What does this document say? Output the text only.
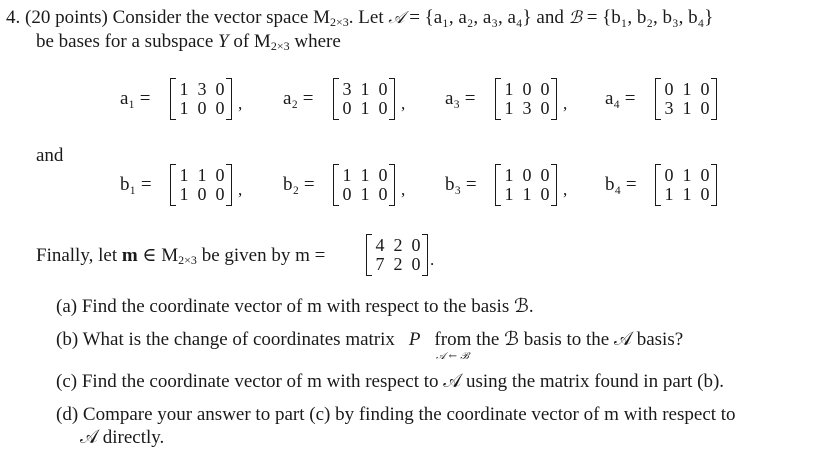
4. (20 points) Consider the vector space $M_{2\times 3}$. Let 𝒜 = {a₁, a₂, a₃, a₄} and ℬ = {b₁, b₂, b₃, b₄}
be bases for a subspace Y of $M_{2\times 3}$ where
a₁ = 1 3 0
1 0 0 , a₂ = 3 1 0
0 1 0 , a₃ = 1 0 0
1 3 0 , a₄ = 0 1 0
3 1 0
and
b₁ = 1 1 0
1 0 0 , b₂ = 1 1 0
0 1 0 , b₃ = 1 0 0
1 1 0 , b₄ = 0 1 0
1 1 0
Finally, let m ∈ $M_{2\times 3}$ be given by m =	4 2 0
7 2 0 .
(a) Find the coordinate vector of m with respect to the basis ℬ.
(b) What is the change of coordinates matrix P from the ℬ basis to the 𝒜 basis?
𝒜 ← ℬ
(c) Find the coordinate vector of m with respect to 𝒜 using the matrix found in part (b).
(d) Compare your answer to part (c) by finding the coordinate vector of m with respect to
𝒜 directly.
